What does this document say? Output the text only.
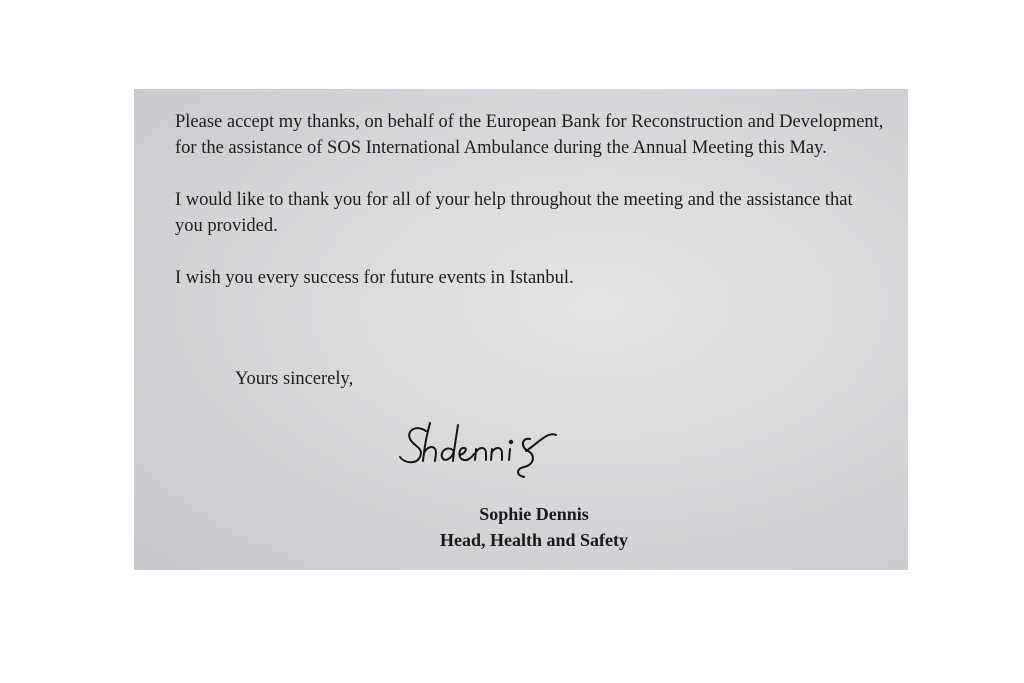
Please accept my thanks, on behalf of the European Bank for Reconstruction and Development, for the assistance of SOS International Ambulance during the Annual Meeting this May.

I would like to thank you for all of your help throughout the meeting and the assistance that you provided.

I wish you every success for future events in Istanbul.

Yours sincerely,
Sophie Dennis
Head, Health and Safety
